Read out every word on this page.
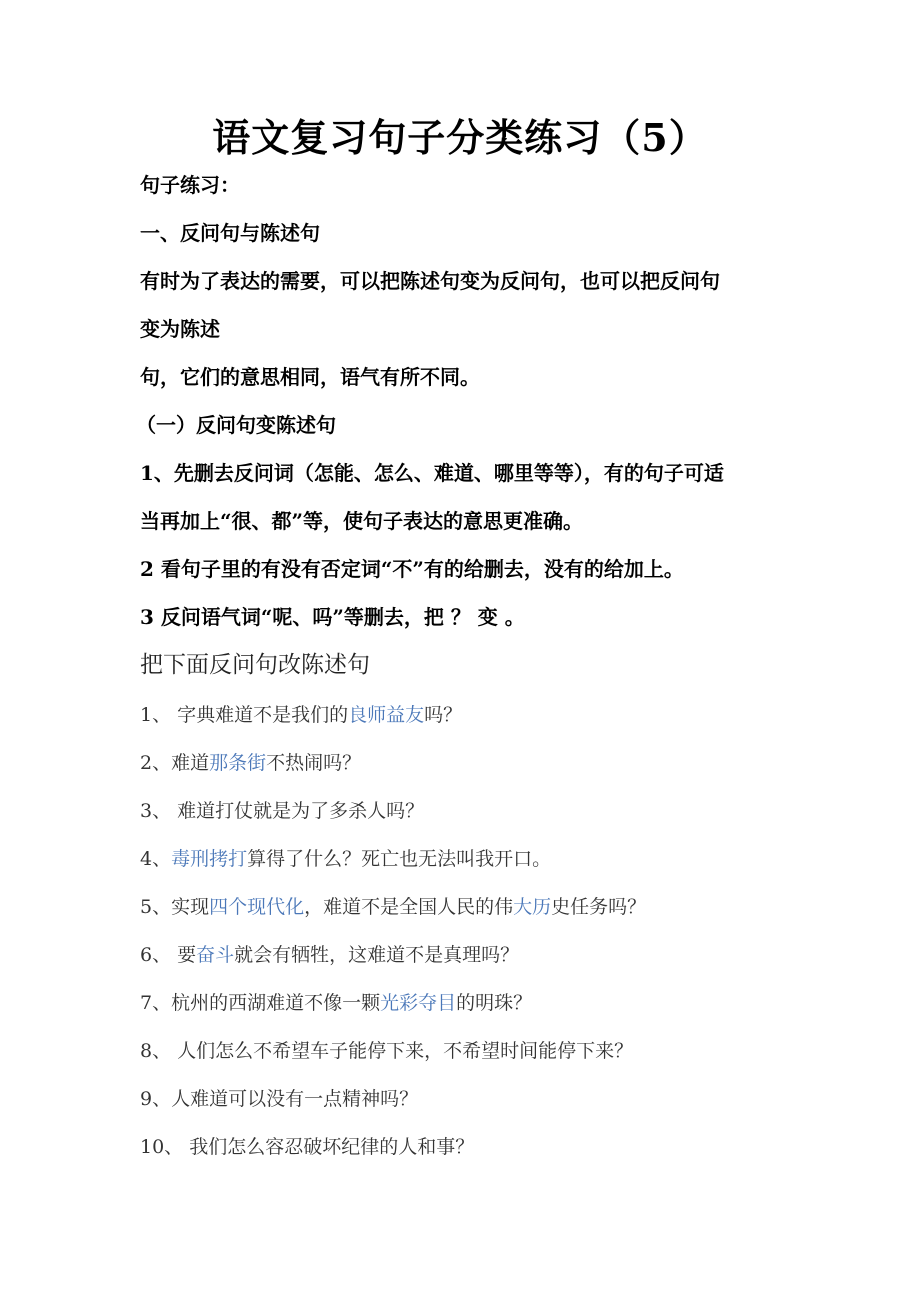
语文复习句子分类练习（5）
句子练习：
一、反问句与陈述句
有时为了表达的需要，可以把陈述句变为反问句，也可以把反问句
变为陈述
句，它们的意思相同，语气有所不同。
（一）反问句变陈述句
1、先删去反问词（怎能、怎么、难道、哪里等等），有的句子可适
当再加上“很、都”等，使句子表达的意思更准确。
2 看句子里的有没有否定词“不”有的给删去，没有的给加上。
3 反问语气词“呢、吗”等删去，把 ？ 变 。
把下面反问句改陈述句
1、 字典难道不是我们的良师益友吗？
2、难道那条街不热闹吗？
3、 难道打仗就是为了多杀人吗？
4、毒刑拷打算得了什么？死亡也无法叫我开口。
5、实现四个现代化，难道不是全国人民的伟大历史任务吗？
6、 要奋斗就会有牺牲，这难道不是真理吗？
7、杭州的西湖难道不像一颗光彩夺目的明珠？
8、 人们怎么不希望车子能停下来，不希望时间能停下来？
9、人难道可以没有一点精神吗？
10、 我们怎么容忍破坏纪律的人和事？
